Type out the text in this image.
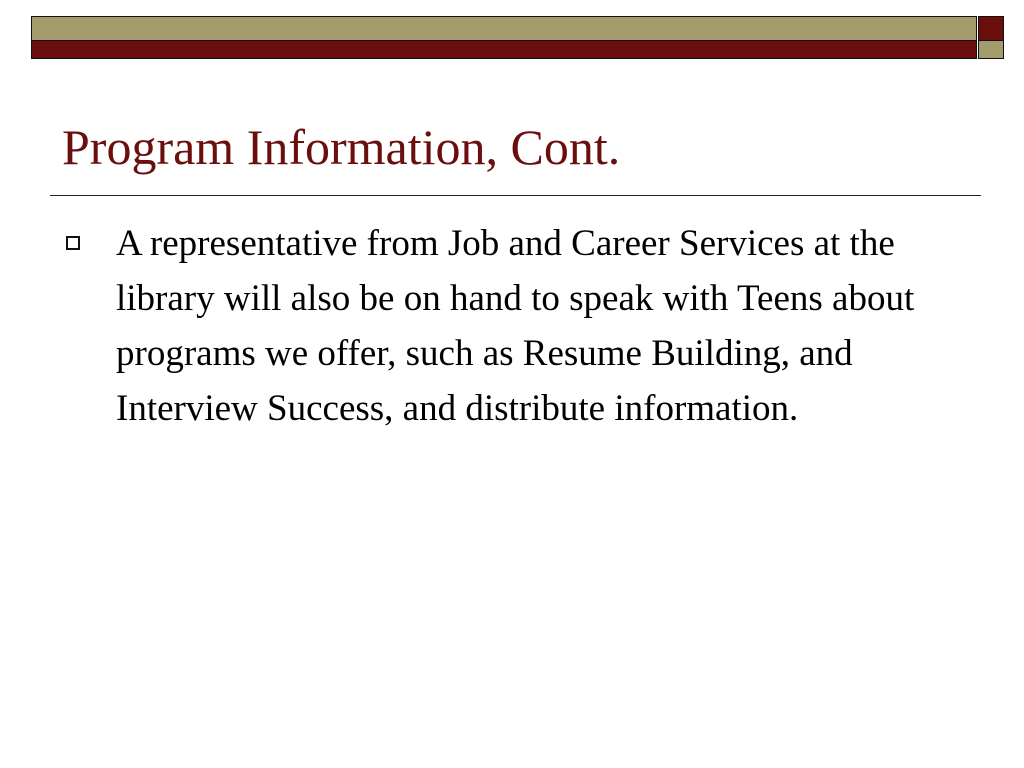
Program Information, Cont.
A representative from Job and Career Services at the library will also be on hand to speak with Teens about programs we offer, such as Resume Building, and Interview Success, and distribute information.
